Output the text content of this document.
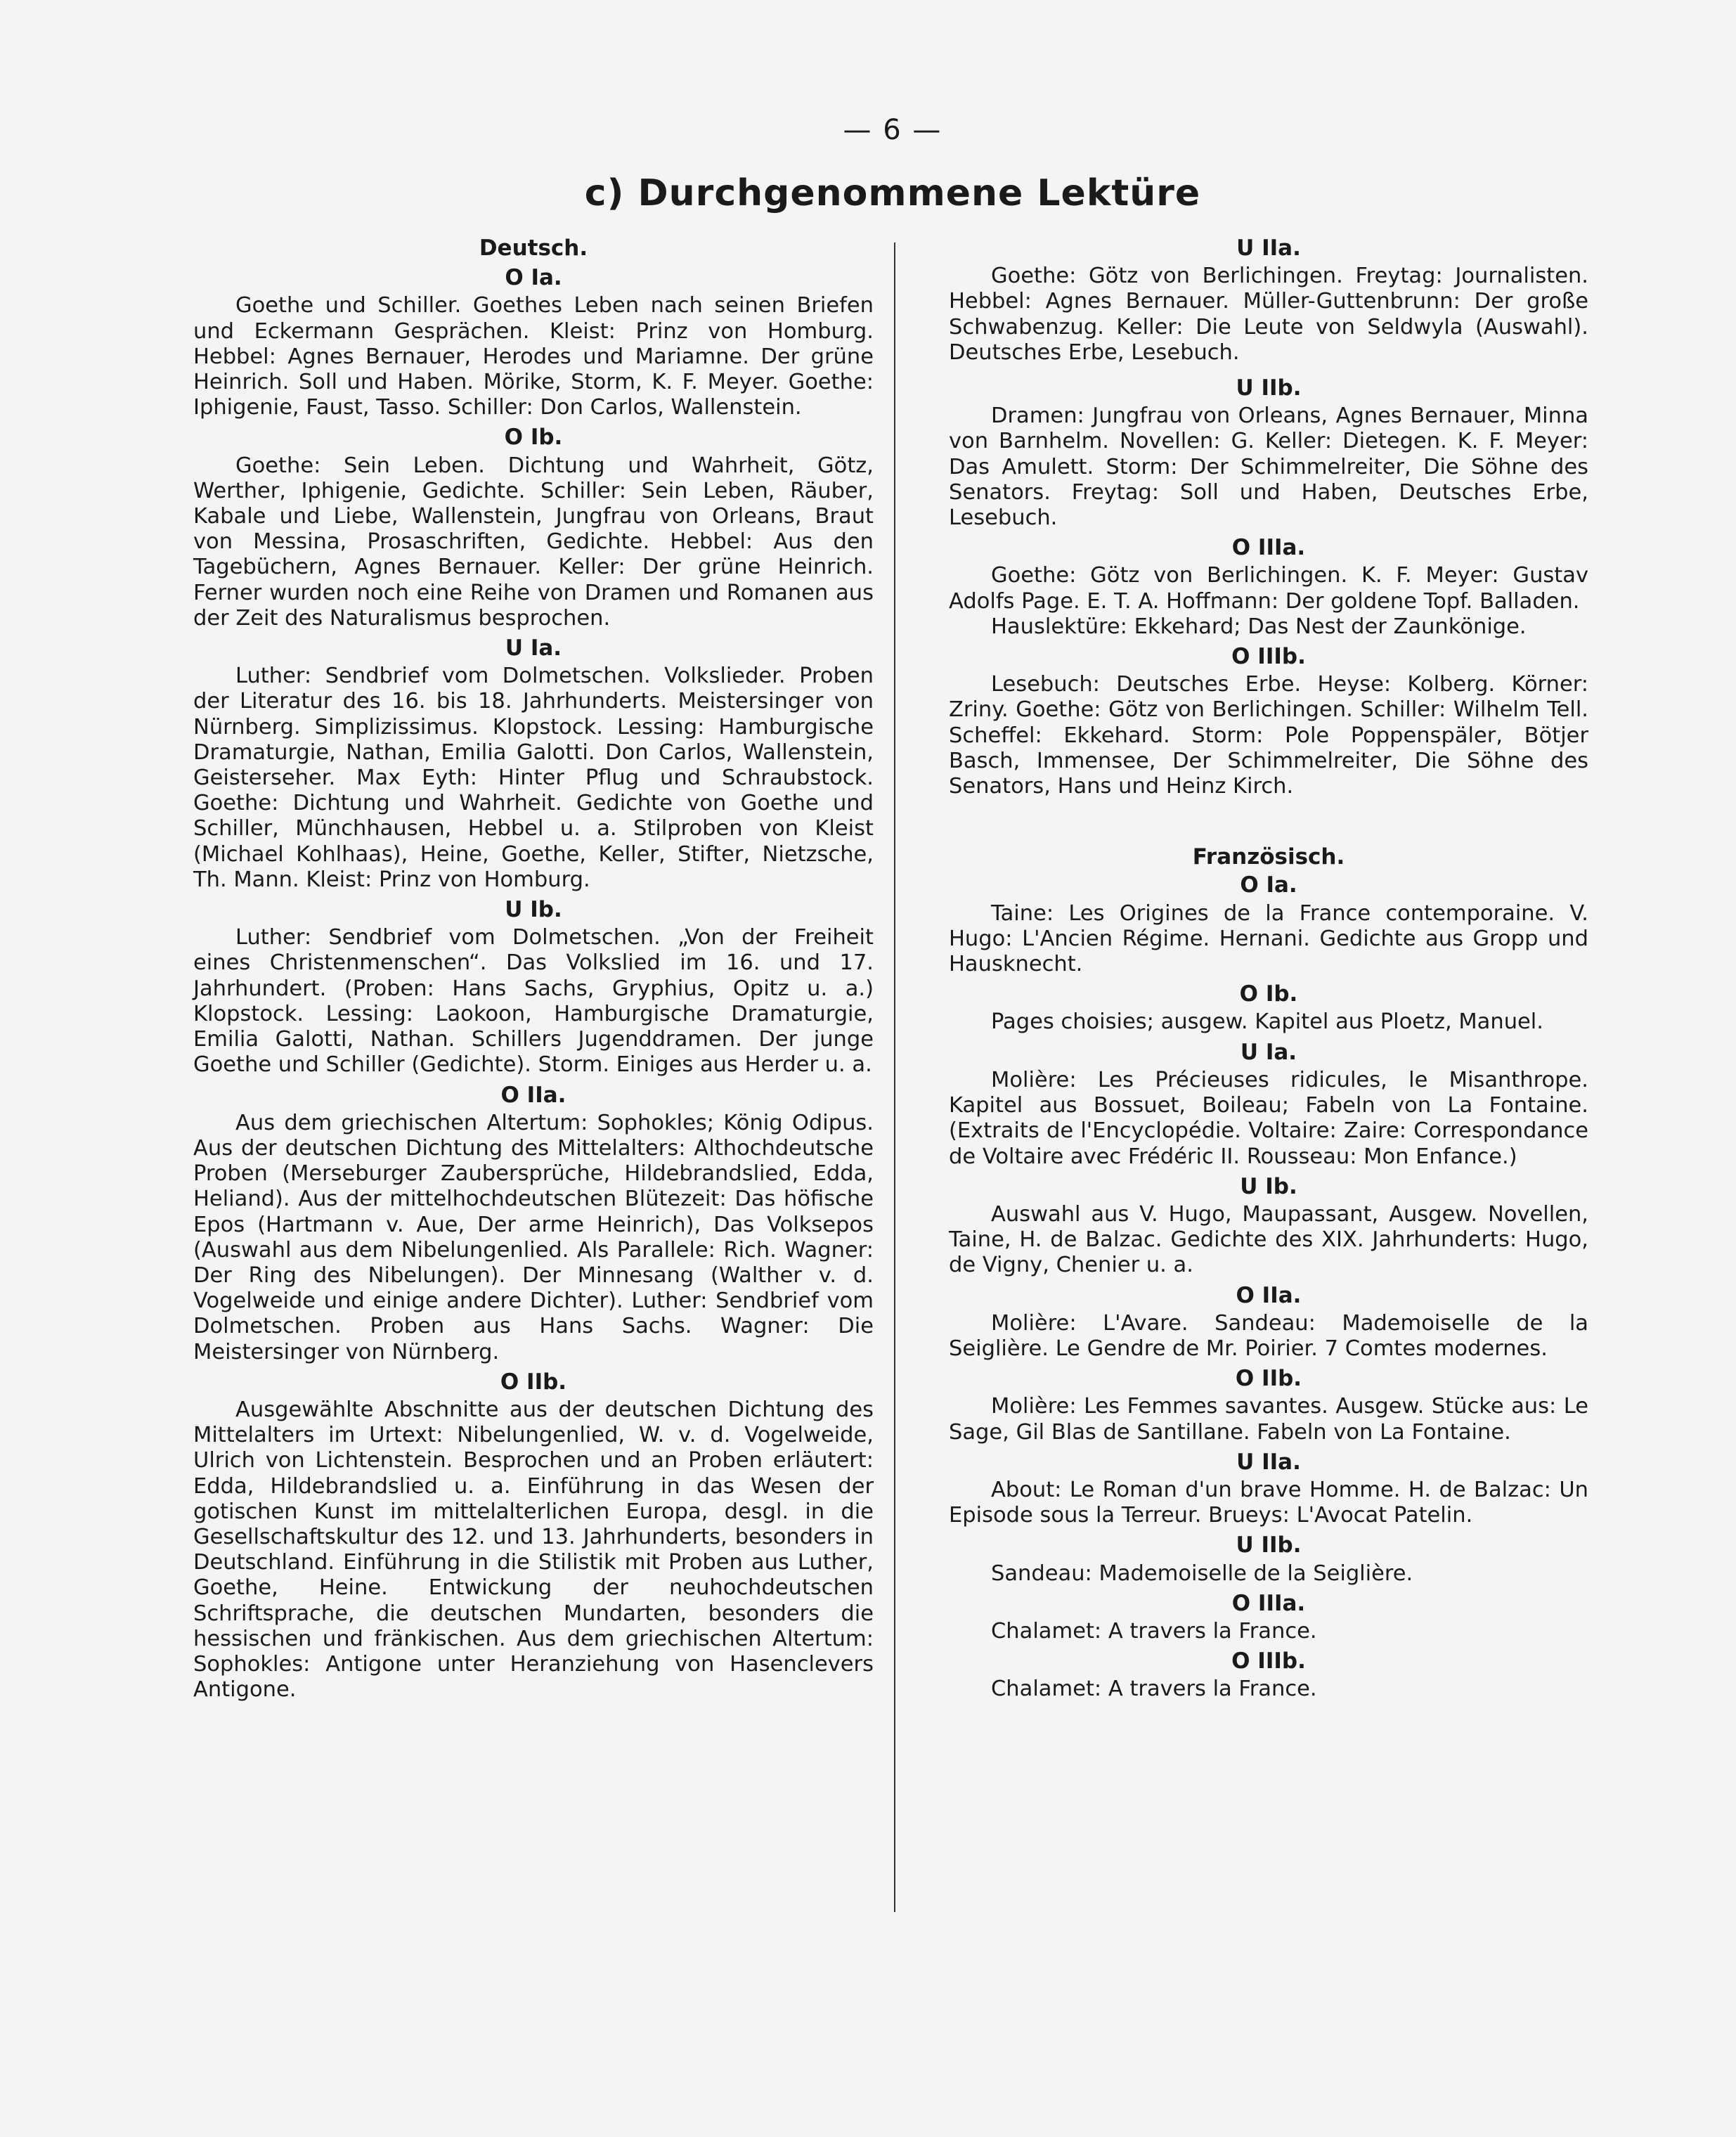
— 6 —
c) Durchgenommene Lektüre
Deutsch.
O Ia.

Goethe und Schiller. Goethes Leben nach seinen Briefen und Eckermann Gesprächen. Kleist: Prinz von Homburg. Hebbel: Agnes Bernauer, Herodes und Mariamne. Der grüne Heinrich. Soll und Haben. Mörike, Storm, K. F. Meyer. Goethe: Iphigenie, Faust, Tasso. Schiller: Don Carlos, Wallenstein.

O Ib.

Goethe: Sein Leben. Dichtung und Wahrheit, Götz, Werther, Iphigenie, Gedichte. Schiller: Sein Leben, Räuber, Kabale und Liebe, Wallenstein, Jungfrau von Orleans, Braut von Messina, Prosaschriften, Gedichte. Hebbel: Aus den Tagebüchern, Agnes Bernauer. Keller: Der grüne Heinrich. Ferner wurden noch eine Reihe von Dramen und Romanen aus der Zeit des Naturalismus besprochen.

U Ia.

Luther: Sendbrief vom Dolmetschen. Volkslieder. Proben der Literatur des 16. bis 18. Jahrhunderts. Meistersinger von Nürnberg. Simplizissimus. Klopstock. Lessing: Hamburgische Dramaturgie, Nathan, Emilia Galotti. Don Carlos, Wallenstein, Geisterseher. Max Eyth: Hinter Pflug und Schraubstock. Goethe: Dichtung und Wahrheit. Gedichte von Goethe und Schiller, Münchhausen, Hebbel u. a. Stilproben von Kleist (Michael Kohlhaas), Heine, Goethe, Keller, Stifter, Nietzsche, Th. Mann. Kleist: Prinz von Homburg.

U Ib.

Luther: Sendbrief vom Dolmetschen. „Von der Freiheit eines Christenmenschen“. Das Volkslied im 16. und 17. Jahrhundert. (Proben: Hans Sachs, Gryphius, Opitz u. a.) Klopstock. Lessing: Laokoon, Hamburgische Dramaturgie, Emilia Galotti, Nathan. Schillers Jugenddramen. Der junge Goethe und Schiller (Gedichte). Storm. Einiges aus Herder u. a.

O IIa.

Aus dem griechischen Altertum: Sophokles; König Odipus. Aus der deutschen Dichtung des Mittelalters: Althochdeutsche Proben (Merseburger Zaubersprüche, Hildebrandslied, Edda, Heliand). Aus der mittelhochdeutschen Blütezeit: Das höfische Epos (Hartmann v. Aue, Der arme Heinrich), Das Volksepos (Auswahl aus dem Nibelungenlied. Als Parallele: Rich. Wagner: Der Ring des Nibelungen). Der Minnesang (Walther v. d. Vogelweide und einige andere Dichter). Luther: Sendbrief vom Dolmetschen. Proben aus Hans Sachs. Wagner: Die Meistersinger von Nürnberg.

O IIb.

Ausgewählte Abschnitte aus der deutschen Dichtung des Mittelalters im Urtext: Nibelungenlied, W. v. d. Vogelweide, Ulrich von Lichtenstein. Besprochen und an Proben erläutert: Edda, Hildebrandslied u. a. Einführung in das Wesen der gotischen Kunst im mittelalterlichen Europa, desgl. in die Gesellschaftskultur des 12. und 13. Jahrhunderts, besonders in Deutschland. Einführung in die Stilistik mit Proben aus Luther, Goethe, Heine. Entwickung der neuhochdeutschen Schriftsprache, die deutschen Mundarten, besonders die hessischen und fränkischen. Aus dem griechischen Altertum: Sophokles: Antigone unter Heranziehung von Hasenclevers Antigone.

U IIa.

Goethe: Götz von Berlichingen. Freytag: Journalisten. Hebbel: Agnes Bernauer. Müller-Guttenbrunn: Der große Schwabenzug. Keller: Die Leute von Seldwyla (Auswahl). Deutsches Erbe, Lesebuch.

U IIb.

Dramen: Jungfrau von Orleans, Agnes Bernauer, Minna von Barnhelm. Novellen: G. Keller: Dietegen. K. F. Meyer: Das Amulett. Storm: Der Schimmelreiter, Die Söhne des Senators. Freytag: Soll und Haben, Deutsches Erbe, Lesebuch.

O IIIa.

Goethe: Götz von Berlichingen. K. F. Meyer: Gustav Adolfs Page. E. T. A. Hoffmann: Der goldene Topf. Balladen.

Hauslektüre: Ekkehard; Das Nest der Zaunkönige.

O IIIb.

Lesebuch: Deutsches Erbe. Heyse: Kolberg. Körner: Zriny. Goethe: Götz von Berlichingen. Schiller: Wilhelm Tell. Scheffel: Ekkehard. Storm: Pole Poppenspäler, Bötjer Basch, Immensee, Der Schimmelreiter, Die Söhne des Senators, Hans und Heinz Kirch.

Französisch.
O Ia.

Taine: Les Origines de la France contemporaine. V. Hugo: L'Ancien Régime. Hernani. Gedichte aus Gropp und Hausknecht.

O Ib.

Pages choisies; ausgew. Kapitel aus Ploetz, Manuel.

U Ia.

Molière: Les Précieuses ridicules, le Misanthrope. Kapitel aus Bossuet, Boileau; Fabeln von La Fontaine. (Extraits de l'Encyclopédie. Voltaire: Zaire: Correspondance de Voltaire avec Frédéric II. Rousseau: Mon Enfance.)

U Ib.

Auswahl aus V. Hugo, Maupassant, Ausgew. Novellen, Taine, H. de Balzac. Gedichte des XIX. Jahrhunderts: Hugo, de Vigny, Chenier u. a.

O IIa.

Molière: L'Avare. Sandeau: Mademoiselle de la Seiglière. Le Gendre de Mr. Poirier. 7 Comtes modernes.

O IIb.

Molière: Les Femmes savantes. Ausgew. Stücke aus: Le Sage, Gil Blas de Santillane. Fabeln von La Fontaine.

U IIa.

About: Le Roman d'un brave Homme. H. de Balzac: Un Episode sous la Terreur. Brueys: L'Avocat Patelin.

U IIb.

Sandeau: Mademoiselle de la Seiglière.

O IIIa.

Chalamet: A travers la France.

O IIIb.

Chalamet: A travers la France.
